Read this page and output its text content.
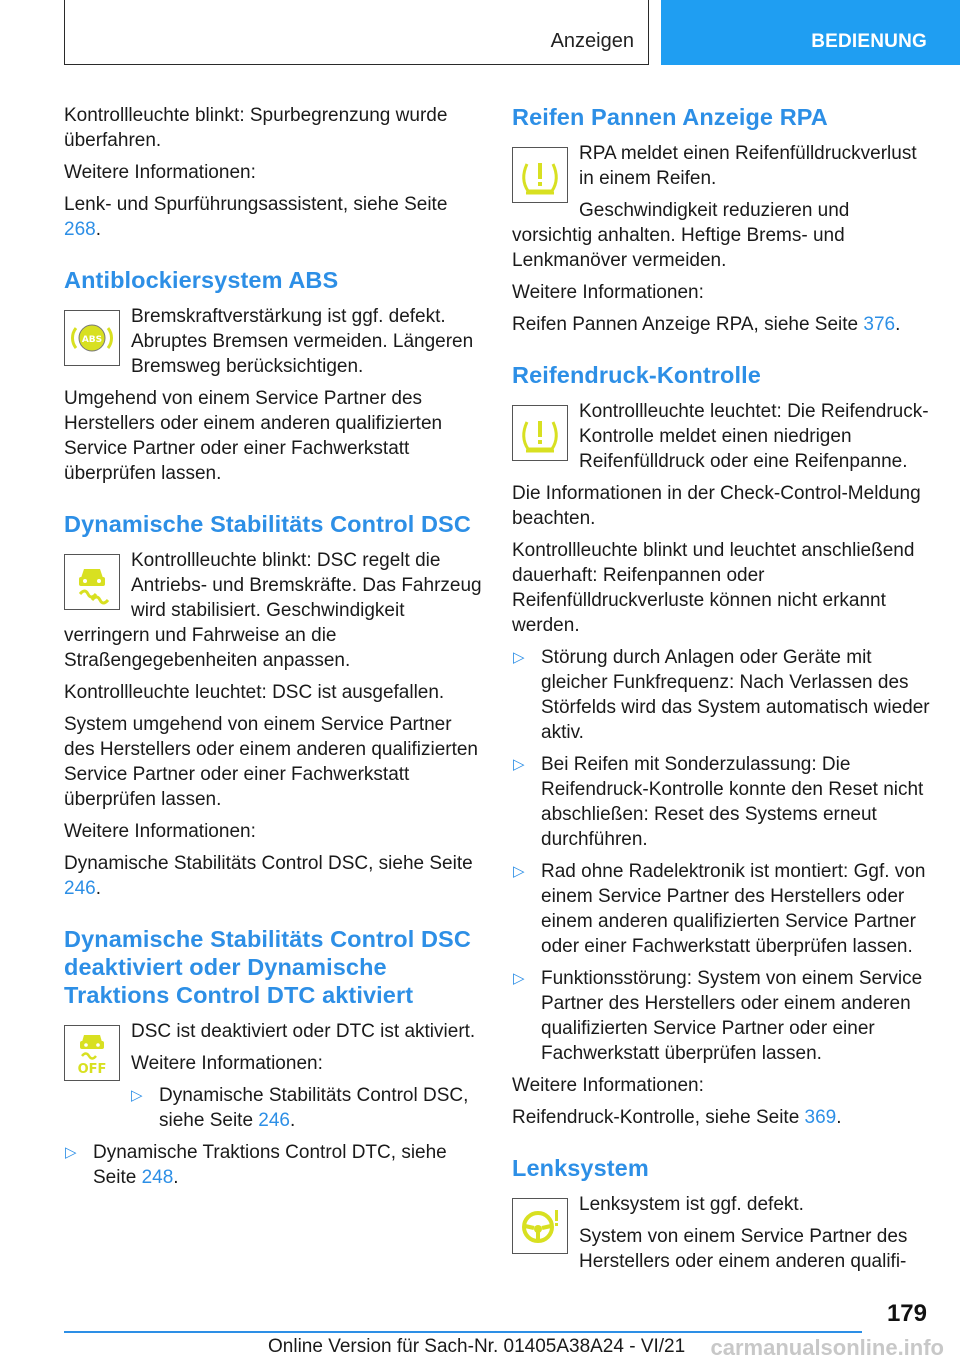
Anzeigen	BEDIENUNG

Kontrollleuchte blinkt: Spurbegrenzung wurde überfahren.

Weitere Informationen:

Lenk- und Spurführungsassistent, siehe Seite 268.

Antiblockiersystem ABS
ABS

Bremskraftverstärkung ist ggf. defekt. Abruptes Bremsen vermeiden. Längeren Bremsweg berücksichtigen.

Umgehend von einem Service Partner des Herstellers oder einem anderen qualifizierten Service Partner oder einer Fachwerkstatt überprüfen lassen.

Dynamische Stabilitäts Control DSC

Kontrollleuchte blinkt: DSC regelt die Antriebs- und Bremskräfte. Das Fahrzeug wird stabilisiert. Geschwindigkeit verringern und Fahrweise an die Straßengegebenheiten anpassen.

Kontrollleuchte leuchtet: DSC ist ausgefallen.

System umgehend von einem Service Partner des Herstellers oder einem anderen qualifizierten Service Partner oder einer Fachwerkstatt überprüfen lassen.

Weitere Informationen:

Dynamische Stabilitäts Control DSC, siehe Seite 246.

Dynamische Stabilitäts Control DSC deaktiviert oder Dynamische Traktions Control DTC aktiviert
OFF

DSC ist deaktiviert oder DTC ist aktiviert.

Weitere Informationen:

▷ Dynamische Stabilitäts Control DSC, siehe Seite 246.
▷ Dynamische Traktions Control DTC, siehe Seite 248.
Reifen Pannen Anzeige RPA

RPA meldet einen Reifenfülldruckverlust in einem Reifen.

Geschwindigkeit reduzieren und vorsichtig anhalten. Heftige Brems- und Lenkmanöver vermeiden.

Weitere Informationen:

Reifen Pannen Anzeige RPA, siehe Seite 376.

Reifendruck-Kontrolle

Kontrollleuchte leuchtet: Die Reifendruck-Kontrolle meldet einen niedrigen Reifenfülldruck oder eine Reifenpanne.

Die Informationen in der Check-Control-Meldung beachten.

Kontrollleuchte blinkt und leuchtet anschließend dauerhaft: Reifenpannen oder Reifenfülldruckverluste können nicht erkannt werden.

▷ Störung durch Anlagen oder Geräte mit gleicher Funkfrequenz: Nach Verlassen des Störfelds wird das System automatisch wieder aktiv.
▷ Bei Reifen mit Sonderzulassung: Die Reifendruck-Kontrolle konnte den Reset nicht abschließen: Reset des Systems erneut durchführen.
▷ Rad ohne Radelektronik ist montiert: Ggf. von einem Service Partner des Herstellers oder einem anderen qualifizierten Service Partner oder einer Fachwerkstatt überprüfen lassen.
▷ Funktionsstörung: System von einem Service Partner des Herstellers oder einem anderen qualifizierten Service Partner oder einer Fachwerkstatt überprüfen lassen.

Weitere Informationen:

Reifendruck-Kontrolle, siehe Seite 369.

Lenksystem

Lenksystem ist ggf. defekt.

System von einem Service Partner des Herstellers oder einem anderen qualifi-

179
Online Version für Sach-Nr. 01405A38A24 - VI/21 carmanualsonline.info
